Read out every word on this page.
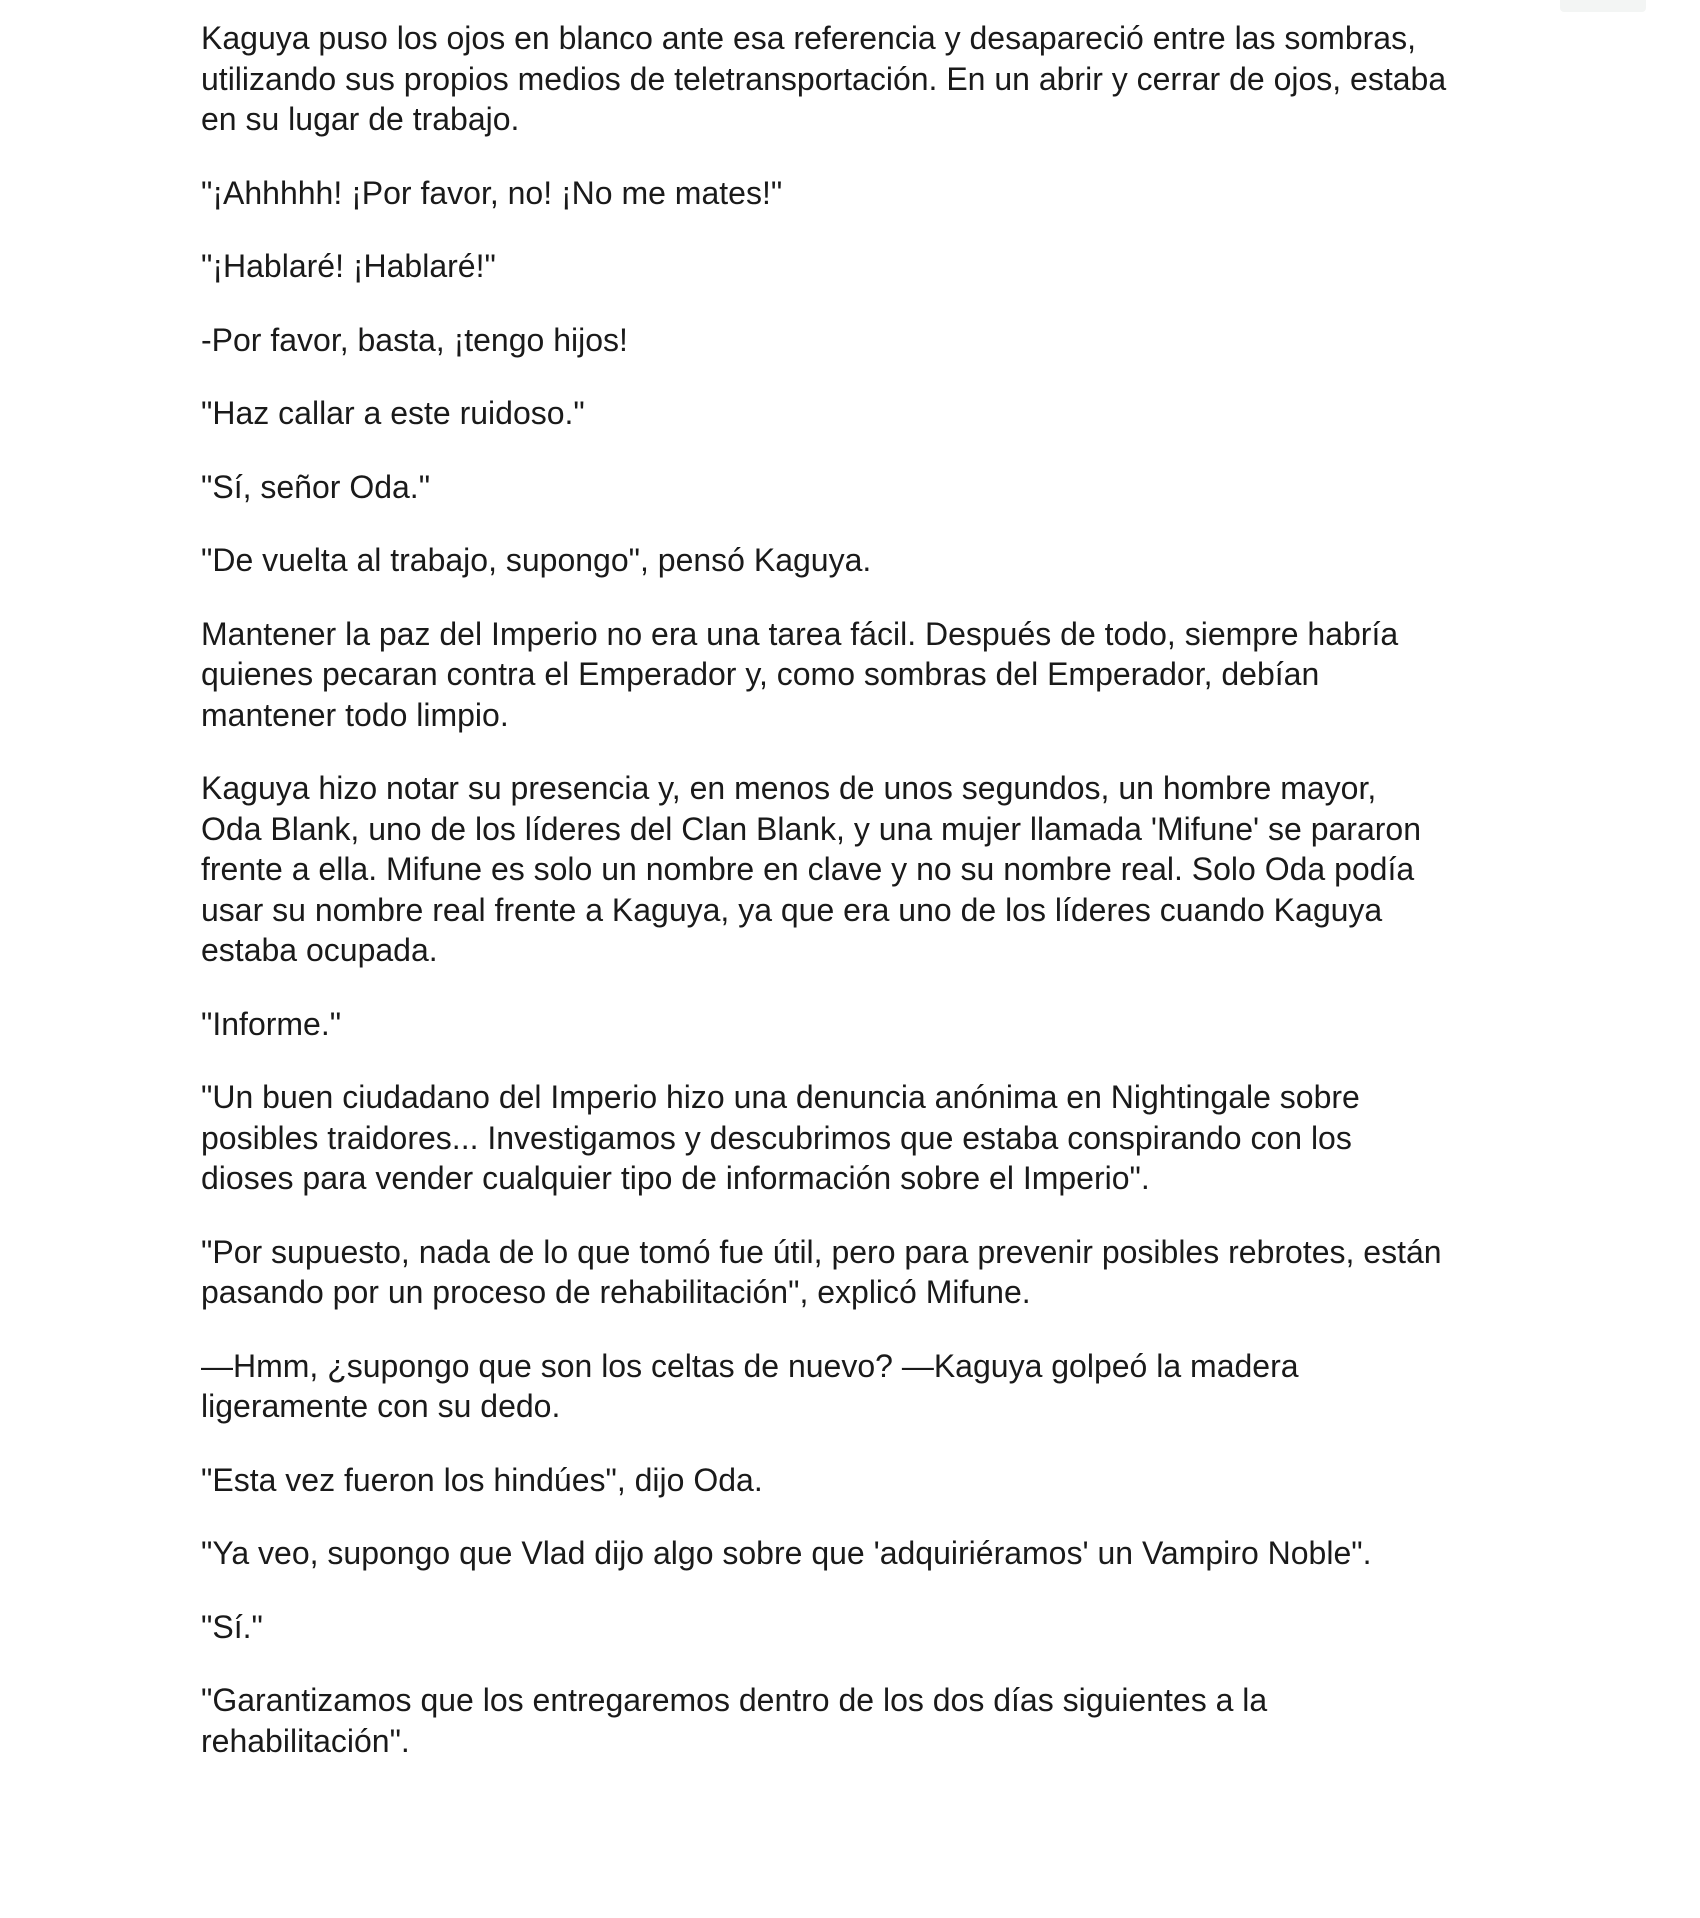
Kaguya puso los ojos en blanco ante esa referencia y desapareció entre las sombras,
utilizando sus propios medios de teletransportación. En un abrir y cerrar de ojos, estaba
en su lugar de trabajo.

"¡Ahhhhh! ¡Por favor, no! ¡No me mates!"

"¡Hablaré! ¡Hablaré!"

-Por favor, basta, ¡tengo hijos!

"Haz callar a este ruidoso."

"Sí, señor Oda."

"De vuelta al trabajo, supongo", pensó Kaguya.

Mantener la paz del Imperio no era una tarea fácil. Después de todo, siempre habría
quienes pecaran contra el Emperador y, como sombras del Emperador, debían
mantener todo limpio.

Kaguya hizo notar su presencia y, en menos de unos segundos, un hombre mayor,
Oda Blank, uno de los líderes del Clan Blank, y una mujer llamada 'Mifune' se pararon
frente a ella. Mifune es solo un nombre en clave y no su nombre real. Solo Oda podía
usar su nombre real frente a Kaguya, ya que era uno de los líderes cuando Kaguya
estaba ocupada.

"Informe."

"Un buen ciudadano del Imperio hizo una denuncia anónima en Nightingale sobre
posibles traidores... Investigamos y descubrimos que estaba conspirando con los
dioses para vender cualquier tipo de información sobre el Imperio".

"Por supuesto, nada de lo que tomó fue útil, pero para prevenir posibles rebrotes, están
pasando por un proceso de rehabilitación", explicó Mifune.

—Hmm, ¿supongo que son los celtas de nuevo? —Kaguya golpeó la madera
ligeramente con su dedo.

"Esta vez fueron los hindúes", dijo Oda.

"Ya veo, supongo que Vlad dijo algo sobre que 'adquiriéramos' un Vampiro Noble".

"Sí."

"Garantizamos que los entregaremos dentro de los dos días siguientes a la
rehabilitación".
